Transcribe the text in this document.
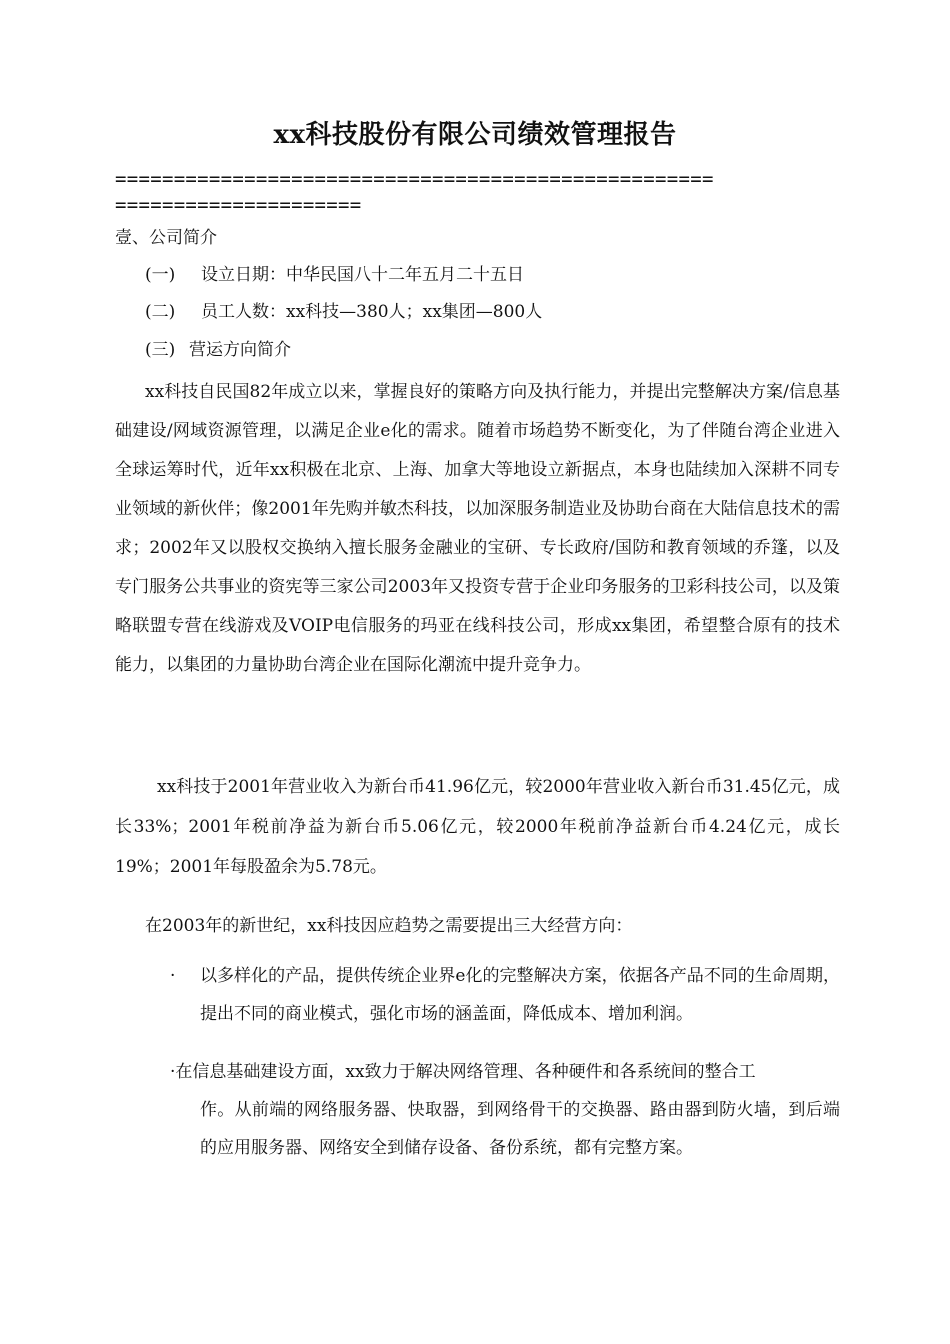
xx科技股份有限公司绩效管理报告
===================================================
=====================
壹、公司简介
(一) 设立日期：中华民国八十二年五月二十五日
(二) 员工人数：xx科技—380人；xx集团—800人
(三) 营运方向简介
xx科技自民国82年成立以来，掌握良好的策略方向及执行能力，并提出完整解决方案/信息基础建设/网域资源管理，以满足企业e化的需求。随着市场趋势不断变化，为了伴随台湾企业进入全球运筹时代，近年xx积极在北京、上海、加拿大等地设立新据点，本身也陆续加入深耕不同专业领域的新伙伴；像2001年先购并敏杰科技，以加深服务制造业及协助台商在大陆信息技术的需求；2002年又以股权交换纳入擅长服务金融业的宝研、专长政府/国防和教育领域的乔篷，以及专门服务公共事业的资宪等三家公司2003年又投资专营于企业印务服务的卫彩科技公司，以及策略联盟专营在线游戏及VOIP电信服务的玛亚在线科技公司，形成xx集团，希望整合原有的技术能力，以集团的力量协助台湾企业在国际化潮流中提升竞争力。
xx科技于2001年营业收入为新台币41.96亿元，较2000年营业收入新台币31.45亿元，成长33%；2001年税前净益为新台币5.06亿元，较2000年税前净益新台币4.24亿元，成长19%；2001年每股盈余为5.78元。
在2003年的新世纪，xx科技因应趋势之需要提出三大经营方向：
· 以多样化的产品，提供传统企业界e化的完整解决方案，依据各产品不同的生命周期，提出不同的商业模式，强化市场的涵盖面，降低成本、增加利润。
·在信息基础建设方面，xx致力于解决网络管理、各种硬件和各系统间的整合工
作。从前端的网络服务器、快取器，到网络骨干的交换器、路由器到防火墙，到后端的应用服务器、网络安全到储存设备、备份系统，都有完整方案。
